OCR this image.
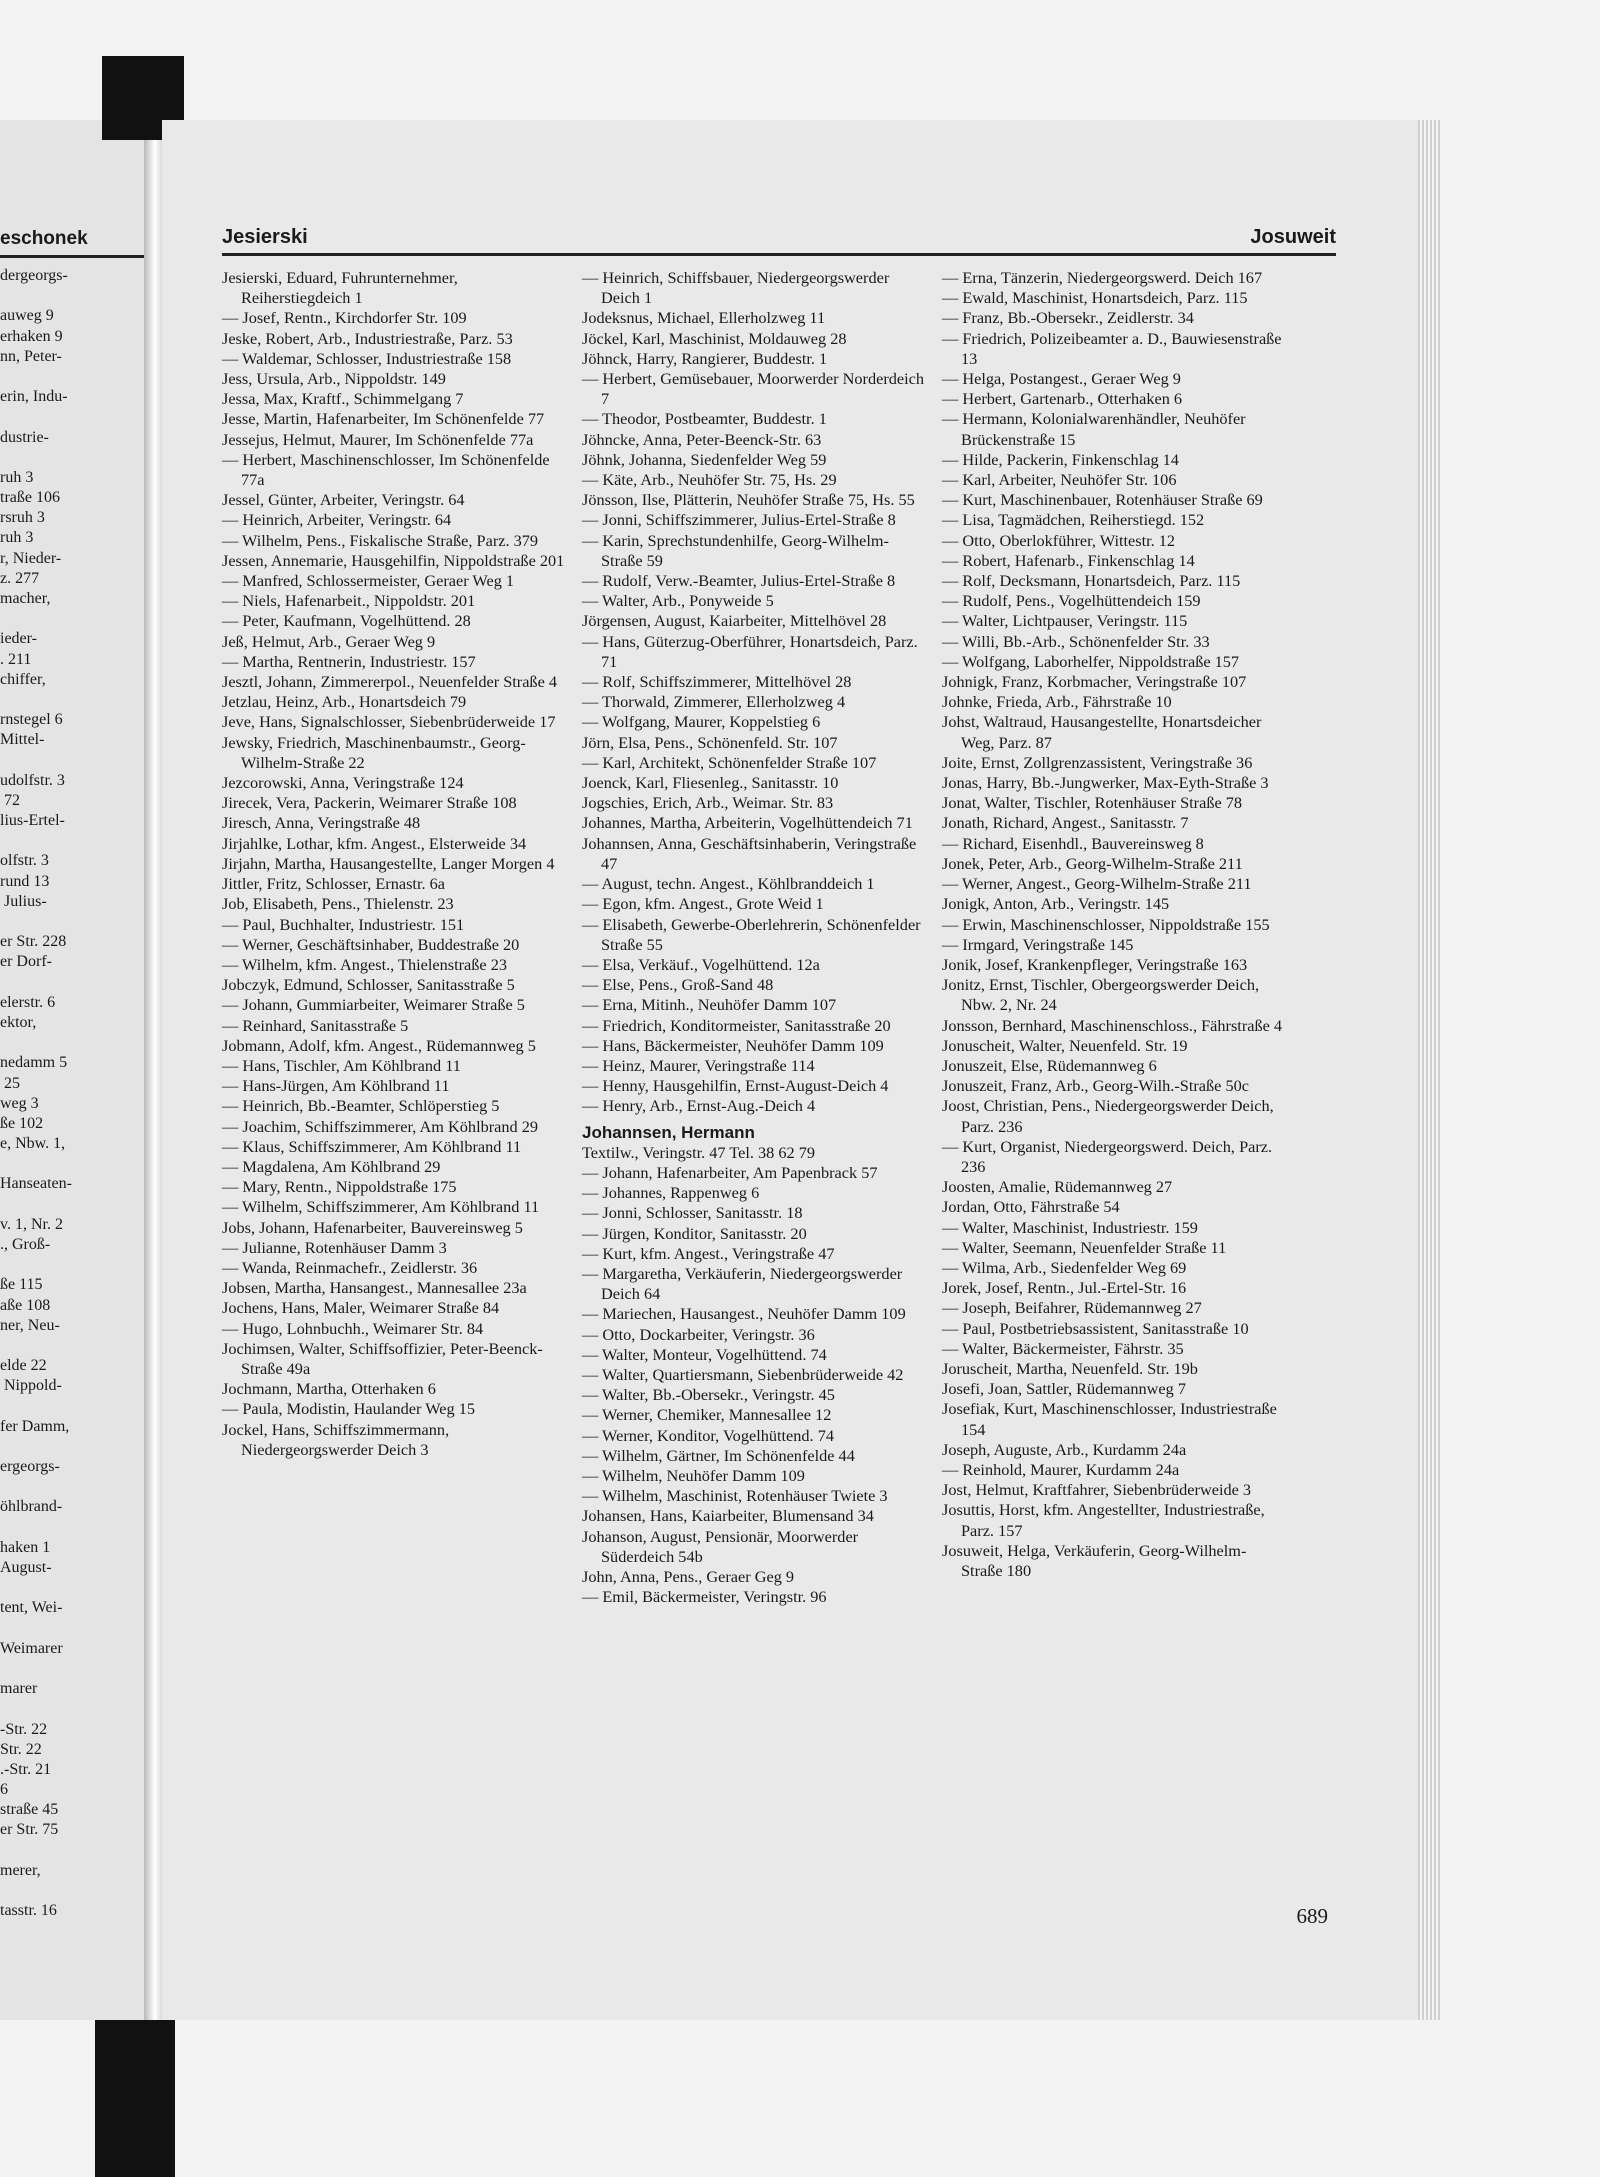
eschonek
dergeorgs-
auweg 9
erhaken 9
nn, Peter-
erin, Indu-
dustrie-
ruh 3
traße 106
rsruh 3
ruh 3
r, Nieder-
z. 277
macher,
ieder-
. 211
chiffer,
rnstegel 6
Mittel-
udolfstr. 3
72
lius-Ertel-
olfstr. 3
rund 13
Julius-
er Str. 228
er Dorf-
elerstr. 6
ektor,
nedamm 5
25
weg 3
ße 102
e, Nbw. 1,
Hanseaten-
v. 1, Nr. 2
., Groß-
ße 115
aße 108
ner, Neu-
elde 22
Nippold-
fer Damm,
ergeorgs-
öhlbrand-
haken 1
August-
tent, Wei-
Weimarer
marer
-Str. 22
Str. 22
.-Str. 21
6
straße 45
er Str. 75
merer,
tasstr. 16
Jesierski	Josuweit
Jesierski, Eduard, Fuhrunternehmer, Reiherstiegdeich 1
— Josef, Rentn., Kirchdorfer Str. 109
Jeske, Robert, Arb., Industriestraße, Parz. 53
— Waldemar, Schlosser, Industriestraße 158
Jess, Ursula, Arb., Nippoldstr. 149
Jessa, Max, Kraftf., Schimmelgang 7
Jesse, Martin, Hafenarbeiter, Im Schönenfelde 77
Jessejus, Helmut, Maurer, Im Schönenfelde 77a
— Herbert, Maschinenschlosser, Im Schönenfelde 77a
Jessel, Günter, Arbeiter, Veringstr. 64
— Heinrich, Arbeiter, Veringstr. 64
— Wilhelm, Pens., Fiskalische Straße, Parz. 379
Jessen, Annemarie, Hausgehilfin, Nippoldstraße 201
— Manfred, Schlossermeister, Geraer Weg 1
— Niels, Hafenarbeit., Nippoldstr. 201
— Peter, Kaufmann, Vogelhüttend. 28
Jeß, Helmut, Arb., Geraer Weg 9
— Martha, Rentnerin, Industriestr. 157
Jesztl, Johann, Zimmererpol., Neuenfelder Straße 4
Jetzlau, Heinz, Arb., Honartsdeich 79
Jeve, Hans, Signalschlosser, Siebenbrüderweide 17
Jewsky, Friedrich, Maschinenbaumstr., Georg-Wilhelm-Straße 22
Jezcorowski, Anna, Veringstraße 124
Jirecek, Vera, Packerin, Weimarer Straße 108
Jiresch, Anna, Veringstraße 48
Jirjahlke, Lothar, kfm. Angest., Elsterweide 34
Jirjahn, Martha, Hausangestellte, Langer Morgen 4
Jittler, Fritz, Schlosser, Ernastr. 6a
Job, Elisabeth, Pens., Thielenstr. 23
— Paul, Buchhalter, Industriestr. 151
— Werner, Geschäftsinhaber, Buddestraße 20
— Wilhelm, kfm. Angest., Thielenstraße 23
Jobczyk, Edmund, Schlosser, Sanitasstraße 5
— Johann, Gummiarbeiter, Weimarer Straße 5
— Reinhard, Sanitasstraße 5
Jobmann, Adolf, kfm. Angest., Rüdemannweg 5
— Hans, Tischler, Am Köhlbrand 11
— Hans-Jürgen, Am Köhlbrand 11
— Heinrich, Bb.-Beamter, Schlöperstieg 5
— Joachim, Schiffszimmerer, Am Köhlbrand 29
— Klaus, Schiffszimmerer, Am Köhlbrand 11
— Magdalena, Am Köhlbrand 29
— Mary, Rentn., Nippoldstraße 175
— Wilhelm, Schiffszimmerer, Am Köhlbrand 11
Jobs, Johann, Hafenarbeiter, Bauvereinsweg 5
— Julianne, Rotenhäuser Damm 3
— Wanda, Reinmachefr., Zeidlerstr. 36
Jobsen, Martha, Hansangest., Mannesallee 23a
Jochens, Hans, Maler, Weimarer Straße 84
— Hugo, Lohnbuchh., Weimarer Str. 84
Jochimsen, Walter, Schiffsoffizier, Peter-Beenck-Straße 49a
Jochmann, Martha, Otterhaken 6
— Paula, Modistin, Haulander Weg 15
Jockel, Hans, Schiffszimmermann, Niedergeorgswerder Deich 3
— Heinrich, Schiffsbauer, Niedergeorgswerder Deich 1
Jodeksnus, Michael, Ellerholzweg 11
Jöckel, Karl, Maschinist, Moldauweg 28
Jöhnck, Harry, Rangierer, Buddestr. 1
— Herbert, Gemüsebauer, Moorwerder Norderdeich 7
— Theodor, Postbeamter, Buddestr. 1
Jöhncke, Anna, Peter-Beenck-Str. 63
Jöhnk, Johanna, Siedenfelder Weg 59
— Käte, Arb., Neuhöfer Str. 75, Hs. 29
Jönsson, Ilse, Plätterin, Neuhöfer Straße 75, Hs. 55
— Jonni, Schiffszimmerer, Julius-Ertel-Straße 8
— Karin, Sprechstundenhilfe, Georg-Wilhelm-Straße 59
— Rudolf, Verw.-Beamter, Julius-Ertel-Straße 8
— Walter, Arb., Ponyweide 5
Jörgensen, August, Kaiarbeiter, Mittelhövel 28
— Hans, Güterzug-Oberführer, Honartsdeich, Parz. 71
— Rolf, Schiffszimmerer, Mittelhövel 28
— Thorwald, Zimmerer, Ellerholzweg 4
— Wolfgang, Maurer, Koppelstieg 6
Jörn, Elsa, Pens., Schönenfeld. Str. 107
— Karl, Architekt, Schönenfelder Straße 107
Joenck, Karl, Fliesenleg., Sanitasstr. 10
Jogschies, Erich, Arb., Weimar. Str. 83
Johannes, Martha, Arbeiterin, Vogelhüttendeich 71
Johannsen, Anna, Geschäftsinhaberin, Veringstraße 47
— August, techn. Angest., Köhlbranddeich 1
— Egon, kfm. Angest., Grote Weid 1
— Elisabeth, Gewerbe-Oberlehrerin, Schönenfelder Straße 55
— Elsa, Verkäuf., Vogelhüttend. 12a
— Else, Pens., Groß-Sand 48
— Erna, Mitinh., Neuhöfer Damm 107
— Friedrich, Konditormeister, Sanitasstraße 20
— Hans, Bäckermeister, Neuhöfer Damm 109
— Heinz, Maurer, Veringstraße 114
— Henny, Hausgehilfin, Ernst-August-Deich 4
— Henry, Arb., Ernst-Aug.-Deich 4
Johannsen, Hermann
Textilw., Veringstr. 47 Tel. 38 62 79
— Johann, Hafenarbeiter, Am Papenbrack 57
— Johannes, Rappenweg 6
— Jonni, Schlosser, Sanitasstr. 18
— Jürgen, Konditor, Sanitasstr. 20
— Kurt, kfm. Angest., Veringstraße 47
— Margaretha, Verkäuferin, Niedergeorgswerder Deich 64
— Mariechen, Hausangest., Neuhöfer Damm 109
— Otto, Dockarbeiter, Veringstr. 36
— Walter, Monteur, Vogelhüttend. 74
— Walter, Quartiersmann, Siebenbrüderweide 42
— Walter, Bb.-Obersekr., Veringstr. 45
— Werner, Chemiker, Mannesallee 12
— Werner, Konditor, Vogelhüttend. 74
— Wilhelm, Gärtner, Im Schönenfelde 44
— Wilhelm, Neuhöfer Damm 109
— Wilhelm, Maschinist, Rotenhäuser Twiete 3
Johansen, Hans, Kaiarbeiter, Blumensand 34
Johanson, August, Pensionär, Moorwerder Süderdeich 54b
John, Anna, Pens., Geraer Geg 9
— Emil, Bäckermeister, Veringstr. 96
— Erna, Tänzerin, Niedergeorgswerd. Deich 167
— Ewald, Maschinist, Honartsdeich, Parz. 115
— Franz, Bb.-Obersekr., Zeidlerstr. 34
— Friedrich, Polizeibeamter a. D., Bauwiesenstraße 13
— Helga, Postangest., Geraer Weg 9
— Herbert, Gartenarb., Otterhaken 6
— Hermann, Kolonialwarenhändler, Neuhöfer Brückenstraße 15
— Hilde, Packerin, Finkenschlag 14
— Karl, Arbeiter, Neuhöfer Str. 106
— Kurt, Maschinenbauer, Rotenhäuser Straße 69
— Lisa, Tagmädchen, Reiherstiegd. 152
— Otto, Oberlokführer, Wittestr. 12
— Robert, Hafenarb., Finkenschlag 14
— Rolf, Decksmann, Honartsdeich, Parz. 115
— Rudolf, Pens., Vogelhüttendeich 159
— Walter, Lichtpauser, Veringstr. 115
— Willi, Bb.-Arb., Schönenfelder Str. 33
— Wolfgang, Laborhelfer, Nippoldstraße 157
Johnigk, Franz, Korbmacher, Veringstraße 107
Johnke, Frieda, Arb., Fährstraße 10
Johst, Waltraud, Hausangestellte, Honartsdeicher Weg, Parz. 87
Joite, Ernst, Zollgrenzassistent, Veringstraße 36
Jonas, Harry, Bb.-Jungwerker, Max-Eyth-Straße 3
Jonat, Walter, Tischler, Rotenhäuser Straße 78
Jonath, Richard, Angest., Sanitasstr. 7
— Richard, Eisenhdl., Bauvereinsweg 8
Jonek, Peter, Arb., Georg-Wilhelm-Straße 211
— Werner, Angest., Georg-Wilhelm-Straße 211
Jonigk, Anton, Arb., Veringstr. 145
— Erwin, Maschinenschlosser, Nippoldstraße 155
— Irmgard, Veringstraße 145
Jonik, Josef, Krankenpfleger, Veringstraße 163
Jonitz, Ernst, Tischler, Obergeorgswerder Deich, Nbw. 2, Nr. 24
Jonsson, Bernhard, Maschinenschloss., Fährstraße 4
Jonuscheit, Walter, Neuenfeld. Str. 19
Jonuszeit, Else, Rüdemannweg 6
Jonuszeit, Franz, Arb., Georg-Wilh.-Straße 50c
Joost, Christian, Pens., Niedergeorgswerder Deich, Parz. 236
— Kurt, Organist, Niedergeorgswerd. Deich, Parz. 236
Joosten, Amalie, Rüdemannweg 27
Jordan, Otto, Fährstraße 54
— Walter, Maschinist, Industriestr. 159
— Walter, Seemann, Neuenfelder Straße 11
— Wilma, Arb., Siedenfelder Weg 69
Jorek, Josef, Rentn., Jul.-Ertel-Str. 16
— Joseph, Beifahrer, Rüdemannweg 27
— Paul, Postbetriebsassistent, Sanitasstraße 10
— Walter, Bäckermeister, Fährstr. 35
Joruscheit, Martha, Neuenfeld. Str. 19b
Josefi, Joan, Sattler, Rüdemannweg 7
Josefiak, Kurt, Maschinenschlosser, Industriestraße 154
Joseph, Auguste, Arb., Kurdamm 24a
— Reinhold, Maurer, Kurdamm 24a
Jost, Helmut, Kraftfahrer, Siebenbrüderweide 3
Josuttis, Horst, kfm. Angestellter, Industriestraße, Parz. 157
Josuweit, Helga, Verkäuferin, Georg-Wilhelm-Straße 180
689
